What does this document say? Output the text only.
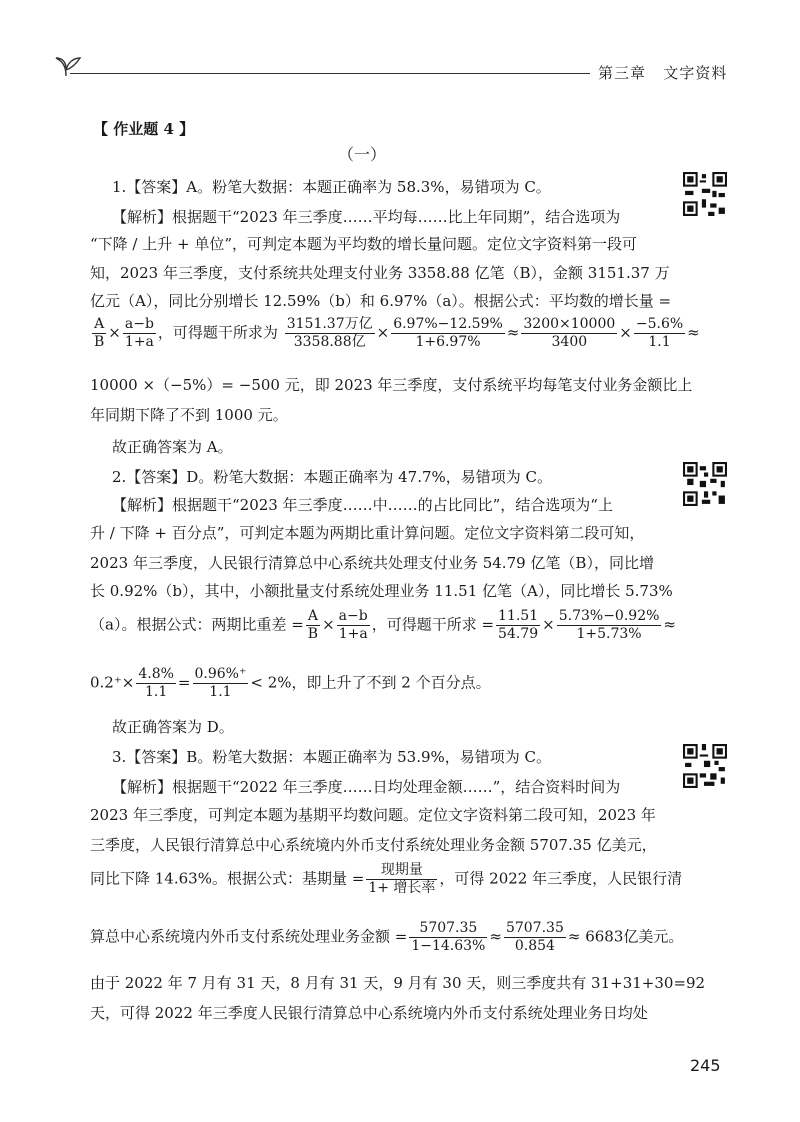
第三章 文字资料
【 作业题 4 】
（一）
1.【答案】A。粉笔大数据：本题正确率为 58.3%，易错项为 C。
【解析】根据题干“2023 年三季度……平均每……比上年同期”，结合选项为
“下降 / 上升 + 单位”，可判定本题为平均数的增长量问题。定位文字资料第一段可
知，2023 年三季度，支付系统共处理支付业务 3358.88 亿笔（B），金额 3151.37 万
亿元（A），同比分别增长 12.59%（b）和 6.97%（a）。根据公式：平均数的增长量 =
$\frac{A}{B} \times \frac{a-b}{1+a}$ ，可得题干所求为 $\frac{\text{3151.37万亿}}{\text{3358.88亿}} \times \frac{6.97\%-12.59\%}{1+6.97\%} \approx \frac{3200\times 10000}{3400} \times \frac{-5.6\%}{1.1}$ ≈
10000 ×（−5%）= −500 元，即 2023 年三季度，支付系统平均每笔支付业务金额比上
年同期下降了不到 1000 元。
故正确答案为 A。
2.【答案】D。粉笔大数据：本题正确率为 47.7%，易错项为 C。
【解析】根据题干“2023 年三季度……中……的占比同比”，结合选项为“上
升 / 下降 + 百分点”，可判定本题为两期比重计算问题。定位文字资料第二段可知，
2023 年三季度，人民银行清算总中心系统共处理支付业务 54.79 亿笔（B），同比增
长 0.92%（b），其中，小额批量支付系统处理业务 11.51 亿笔（A），同比增长 5.73%
（a）。根据公式：两期比重差 = $\frac{A}{B} \times \frac{a-b}{1+a}$ ，可得题干所求 = $\frac{11.51}{54.79} \times \frac{5.73\%-0.92\%}{1+5.73\%}$ ≈
$0.2^+\times \frac{4.8\%}{1.1} = \frac{0.96\%^+}{1.1} < 2\%$，即上升了不到 2 个百分点。
故正确答案为 D。
3.【答案】B。粉笔大数据：本题正确率为 53.9%，易错项为 C。
【解析】根据题干“2022 年三季度……日均处理金额……”，结合资料时间为
2023 年三季度，可判定本题为基期平均数问题。定位文字资料第二段可知，2023 年
三季度，人民银行清算总中心系统境内外币支付系统处理业务金额 5707.35 亿美元，
同比下降 14.63%。根据公式：基期量 = $\frac{\text{现期量}}{\text{1+ 增长率}}$ ，可得 2022 年三季度，人民银行清
算总中心系统境内外币支付系统处理业务金额 = $\frac{5707.35}{1-14.63\%} \approx \frac{5707.35}{0.854} \approx 6683$亿美元。
由于 2022 年 7 月有 31 天，8 月有 31 天，9 月有 30 天，则三季度共有 31+31+30=92
天，可得 2022 年三季度人民银行清算总中心系统境内外币支付系统处理业务日均处
245
